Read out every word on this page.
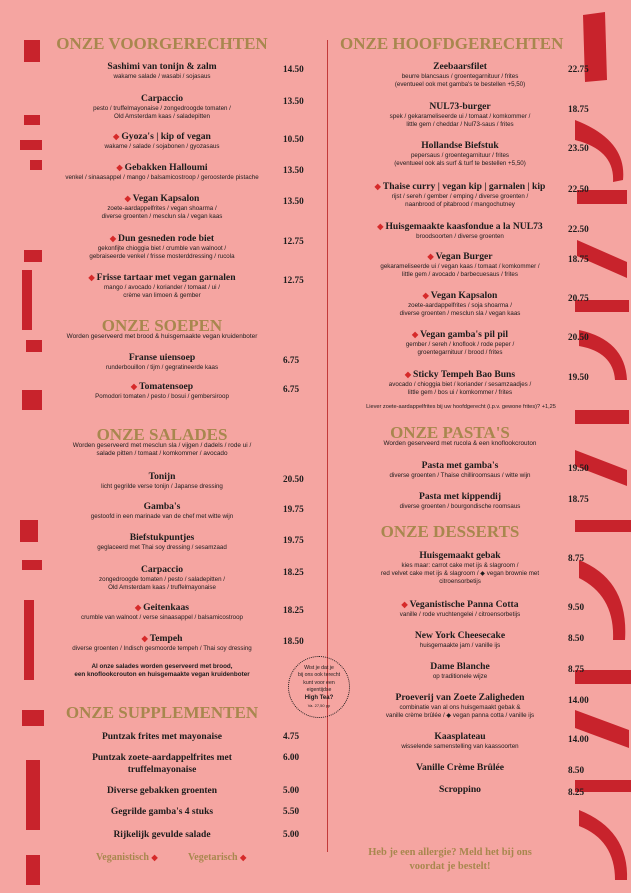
ONZE VOORGERECHTEN
Sashimi van tonijn & zalm
wakame salade / wasabi / sojasaus
14.50
Carpaccio
pesto / truffelmayonaise / zongedroogde tomaten /
Old Amsterdam kaas / saladepitten
13.50
◆ Gyoza's | kip of vegan
wakame / salade / sojabonen / gyozasaus
10.50
◆ Gebakken Halloumi
venkel / sinaasappel / mango / balsamicostroop / geroosterde pistache
13.50
◆ Vegan Kapsalon
zoete-aardappelfrites / vegan shoarma /
diverse groenten / mesclun sla / vegan kaas
13.50
◆ Dun gesneden rode biet
gekonfijte chioggia biet / crumble van walnoot /
gebraiseerde venkel / frisse mosterddressing / rucola
12.75
◆ Frisse tartaar met vegan garnalen
mango / avocado / koriander / tomaat / ui /
crème van limoen & gember
12.75
ONZE SOEPEN
Worden geserveerd met brood & huisgemaakte vegan kruidenboter
Franse uiensoep
runderbouillon / tijm / gegratineerde kaas
6.75
◆ Tomatensoep
Pomodori tomaten / pesto / bosui / gembersiroop
6.75
ONZE SALADES
Worden geserveerd met mesclun sla / vijgen / dadels / rode ui /
salade pitten / tomaat / komkommer / avocado
Tonijn
licht gegrilde verse tonijn / Japanse dressing
20.50
Gamba's
gestoofd in een marinade van de chef met witte wijn
19.75
Biefstukpuntjes
geglaceerd met Thai soy dressing / sesamzaad
19.75
Carpaccio
zongedroogde tomaten / pesto / saladepitten /
Old Amsterdam kaas / truffelmayonaise
18.25
◆ Geitenkaas
crumble van walnoot / verse sinaasappel / balsamicostroop
18.25
◆ Tempeh
diverse groenten / Indisch gesmoorde tempeh / Thai soy dressing
18.50
Al onze salades worden geserveerd met brood,
een knoflookcrouton en huisgemaakte vegan kruidenboter
ONZE SUPPLEMENTEN
Puntzak frites met mayonaise	4.75
Puntzak zoete-aardappelfrites met
truffelmayonaise
6.00
Diverse gebakken groenten	5.00
Gegrilde gamba's 4 stuks	5.50
Rijkelijk gevulde salade	5.00
Veganistisch ◆	Vegetarisch ◆
Wist je dat je
bij ons ook terecht
kunt voor een
eigentijdse
High Tea?
Va. 27,50 pp
ONZE HOOFDGERECHTEN
Zeebaarsfilet
beurre blancsaus / groentegarnituur / frites
(eventueel ook met gamba's te bestellen +5,50)
22.75
NUL73-burger
spek / gekarameliseerde ui / tomaat / komkommer /
little gem / cheddar / Nul73-saus / frites
18.75
Hollandse Biefstuk
pepersaus / groentegarnituur / frites
(eventueel ook als surf & turf te bestellen +5,50)
23.50
◆ Thaise curry | vegan kip | garnalen | kip
rijst / sereh / gember / emping / diverse groenten /
naanbrood of pitabrood / mangochutney
22.50
◆ Huisgemaakte kaasfondue a la NUL73
broodsoorten / diverse groenten
22.50
◆ Vegan Burger
gekarameliseerde ui / vegan kaas / tomaat / komkommer /
little gem / avocado / barbecuesaus / frites
18.75
◆ Vegan Kapsalon
zoete-aardappelfrites / soja shoarma /
diverse groenten / mesclun sla / vegan kaas
20.75
◆ Vegan gamba's pil pil
gember / sereh / knoflook / rode peper /
groentegarnituur / brood / frites
20.50
◆ Sticky Tempeh Bao Buns
avocado / chioggia biet / koriander / sesamzaadjes /
little gem / bos ui / komkommer / frites
19.50
Liever zoete-aardappelfrites bij uw hoofdgerecht (i.p.v. gewone frites)? +1,25
ONZE PASTA'S
Worden geserveerd met rucola & een knoflookcrouton
Pasta met gamba's
diverse groenten / Thaise chilliroomsaus / witte wijn
19.50
Pasta met kippendij
diverse groenten / bourgondische roomsaus
18.75
ONZE DESSERTS
Huisgemaakt gebak
kies maar: carrot cake met ijs & slagroom /
red velvet cake met ijs & slagroom / ◆ vegan brownie met
citroensorbetijs
8.75
◆ Veganistische Panna Cotta
vanille / rode vruchtengelei / citroensorbetijs
9.50
New York Cheesecake
huisgemaakte jam / vanille ijs
8.50
Dame Blanche
op traditionele wijze
8.75
Proeverij van Zoete Zaligheden
combinatie van al ons huisgemaakt gebak &
vanille crème brûlée / ◆ vegan panna cotta / vanille ijs
14.00
Kaasplateau
wisselende samenstelling van kaassoorten
14.00
Vanille Crème Brûlée	8.50
Scroppino	8.25
Heb je een allergie? Meld het bij ons voordat je bestelt!
